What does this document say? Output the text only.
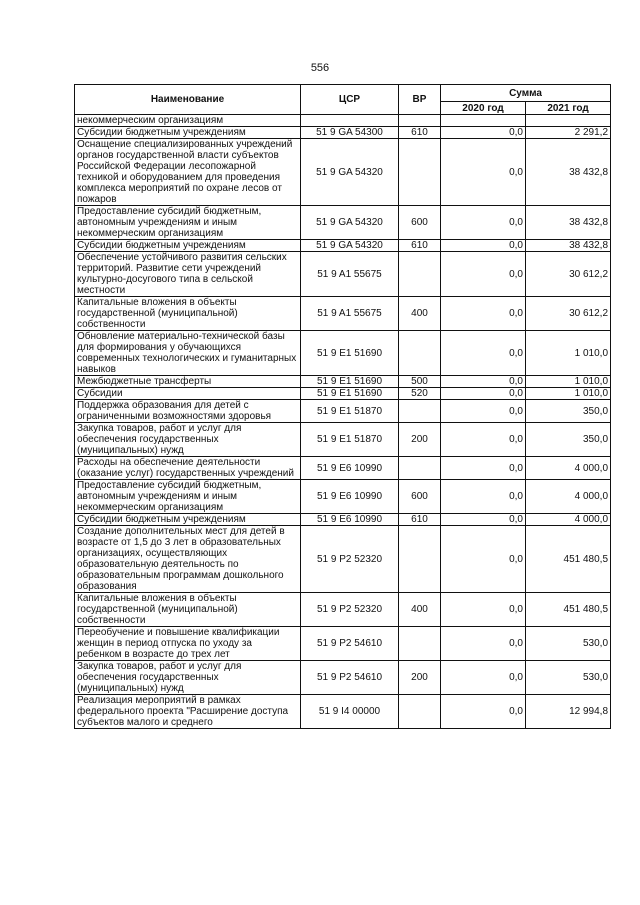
556
Наименование	ЦСР	ВР	Сумма	
			2020 год	2021 год
некоммерческим организациям				
Субсидии бюджетным учреждениям	51 9 GA 54300	610	0,0	2 291,2
Оснащение специализированных учреждений органов государственной власти субъектов Российской Федерации лесопожарной техникой и оборудованием для проведения комплекса мероприятий по охране лесов от пожаров	51 9 GA 54320		0,0	38 432,8
Предоставление субсидий бюджетным, автономным учреждениям и иным некоммерческим организациям	51 9 GA 54320	600	0,0	38 432,8
Субсидии бюджетным учреждениям	51 9 GA 54320	610	0,0	38 432,8
Обеспечение устойчивого развития сельских территорий. Развитие сети учреждений культурно-досугового типа в сельской местности	51 9 A1 55675		0,0	30 612,2
Капитальные вложения в объекты государственной (муниципальной) собственности	51 9 A1 55675	400	0,0	30 612,2
Обновление материально-технической базы для формирования у обучающихся современных технологических и гуманитарных навыков	51 9 E1 51690		0,0	1 010,0
Межбюджетные трансферты	51 9 E1 51690	500	0,0	1 010,0
Субсидии	51 9 E1 51690	520	0,0	1 010,0
Поддержка образования для детей с ограниченными возможностями здоровья	51 9 E1 51870		0,0	350,0
Закупка товаров, работ и услуг для обеспечения государственных (муниципальных) нужд	51 9 E1 51870	200	0,0	350,0
Расходы на обеспечение деятельности (оказание услуг) государственных учреждений	51 9 E6 10990		0,0	4 000,0
Предоставление субсидий бюджетным, автономным учреждениям и иным некоммерческим организациям	51 9 E6 10990	600	0,0	4 000,0
Субсидии бюджетным учреждениям	51 9 E6 10990	610	0,0	4 000,0
Создание дополнительных мест для детей в возрасте от 1,5 до 3 лет в образовательных организациях, осуществляющих образовательную деятельность по образовательным программам дошкольного образования	51 9 P2 52320		0,0	451 480,5
Капитальные вложения в объекты государственной (муниципальной) собственности	51 9 P2 52320	400	0,0	451 480,5
Переобучение и повышение квалификации женщин в период отпуска по уходу за ребенком в возрасте до трех лет	51 9 P2 54610		0,0	530,0
Закупка товаров, работ и услуг для обеспечения государственных (муниципальных) нужд	51 9 P2 54610	200	0,0	530,0
Реализация мероприятий в рамках федерального проекта "Расширение доступа субъектов малого и среднего	51 9 I4 00000		0,0	12 994,8
